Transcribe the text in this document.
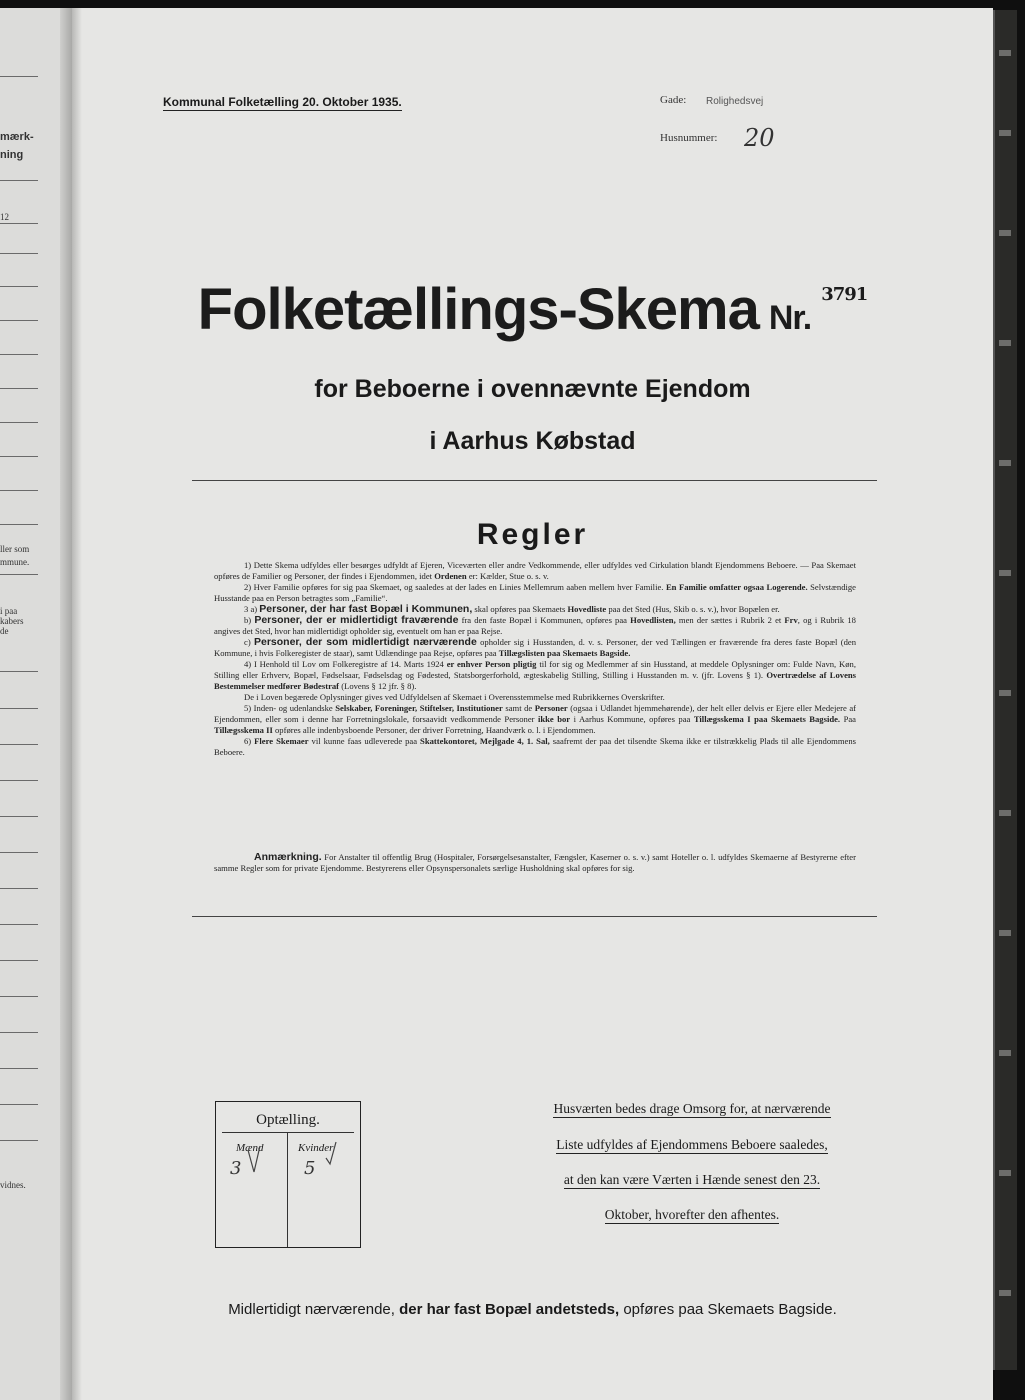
mærk-
ning
12
ller som
mmune.
i paa
kabers
de
vidnes.
Kommunal Folketælling 20. Oktober 1935.	Gade: Rolighedsvej
Husnummer: 20
Folketællings-Skema Nr.$^{3791}$
for Beboerne i ovennævnte Ejendom
i Aarhus Købstad
Regler

1) Dette Skema udfyldes eller besørges udfyldt af Ejeren, Viceværten eller andre Vedkommende, eller udfyldes ved Cirkulation blandt Ejendommens Beboere. — Paa Skemaet opføres de Familier og Personer, der findes i Ejendommen, idet Ordenen er: Kælder, Stue o. s. v.

2) Hver Familie opføres for sig paa Skemaet, og saaledes at der lades en Linies Mellemrum aaben mellem hver Familie. En Familie omfatter ogsaa Logerende. Selvstændige Husstande paa en Person betragtes som „Familie“.

3 a) Personer, der har fast Bopæl i Kommunen, skal opføres paa Skemaets Hovedliste paa det Sted (Hus, Skib o. s. v.), hvor Bopælen er.

b) Personer, der er midlertidigt fraværende fra den faste Bopæl i Kommunen, opføres paa Hovedlisten, men der sættes i Rubrik 2 et Frv, og i Rubrik 18 angives det Sted, hvor han midlertidigt opholder sig, eventuelt om han er paa Rejse.

c) Personer, der som midlertidigt nærværende opholder sig i Husstanden, d. v. s. Personer, der ved Tællingen er fraværende fra deres faste Bopæl (den Kommune, i hvis Folkeregister de staar), samt Udlændinge paa Rejse, opføres paa Tillægslisten paa Skemaets Bagside.

4) I Henhold til Lov om Folkeregistre af 14. Marts 1924 er enhver Person pligtig til for sig og Medlemmer af sin Husstand, at meddele Oplysninger om: Fulde Navn, Køn, Stilling eller Erhverv, Bopæl, Fødselsaar, Fødselsdag og Fødested, Statsborgerforhold, ægteskabelig Stilling, Stilling i Husstanden m. v. (jfr. Lovens § 1). Overtrædelse af Lovens Bestemmelser medfører Bødestraf (Lovens § 12 jfr. § 8).

De i Loven begærede Oplysninger gives ved Udfyldelsen af Skemaet i Overensstemmelse med Rubrikkernes Overskrifter.

5) Inden- og udenlandske Selskaber, Foreninger, Stiftelser, Institutioner samt de Personer (ogsaa i Udlandet hjemmehørende), der helt eller delvis er Ejere eller Medejere af Ejendommen, eller som i denne har Forretningslokale, forsaavidt vedkommende Personer ikke bor i Aarhus Kommune, opføres paa Tillægsskema I paa Skemaets Bagside. Paa Tillægsskema II opføres alle indenbysboende Personer, der driver Forretning, Haandværk o. l. i Ejendommen.

6) Flere Skemaer vil kunne faas udleverede paa Skattekontoret, Mejlgade 4, 1. Sal, saafremt der paa det tilsendte Skema ikke er tilstrækkelig Plads til alle Ejendommens Beboere.

Anmærkning. For Anstalter til offentlig Brug (Hospitaler, Forsørgelsesanstalter, Fængsler, Kaserner o. s. v.) samt Hoteller o. l. udfyldes Skemaerne af Bestyrerne efter samme Regler som for private Ejendomme. Bestyrerens eller Opsynspersonalets særlige Husholdning skal opføres for sig.

Optælling.
Mænd	Kvinder
3	5
Husværten bedes drage Omsorg for, at nærværende
Liste udfyldes af Ejendommens Beboere saaledes,
at den kan være Værten i Hænde senest den 23.
Oktober, hvorefter den afhentes.
Midlertidigt nærværende, der har fast Bopæl andetsteds, opføres paa Skemaets Bagside.
